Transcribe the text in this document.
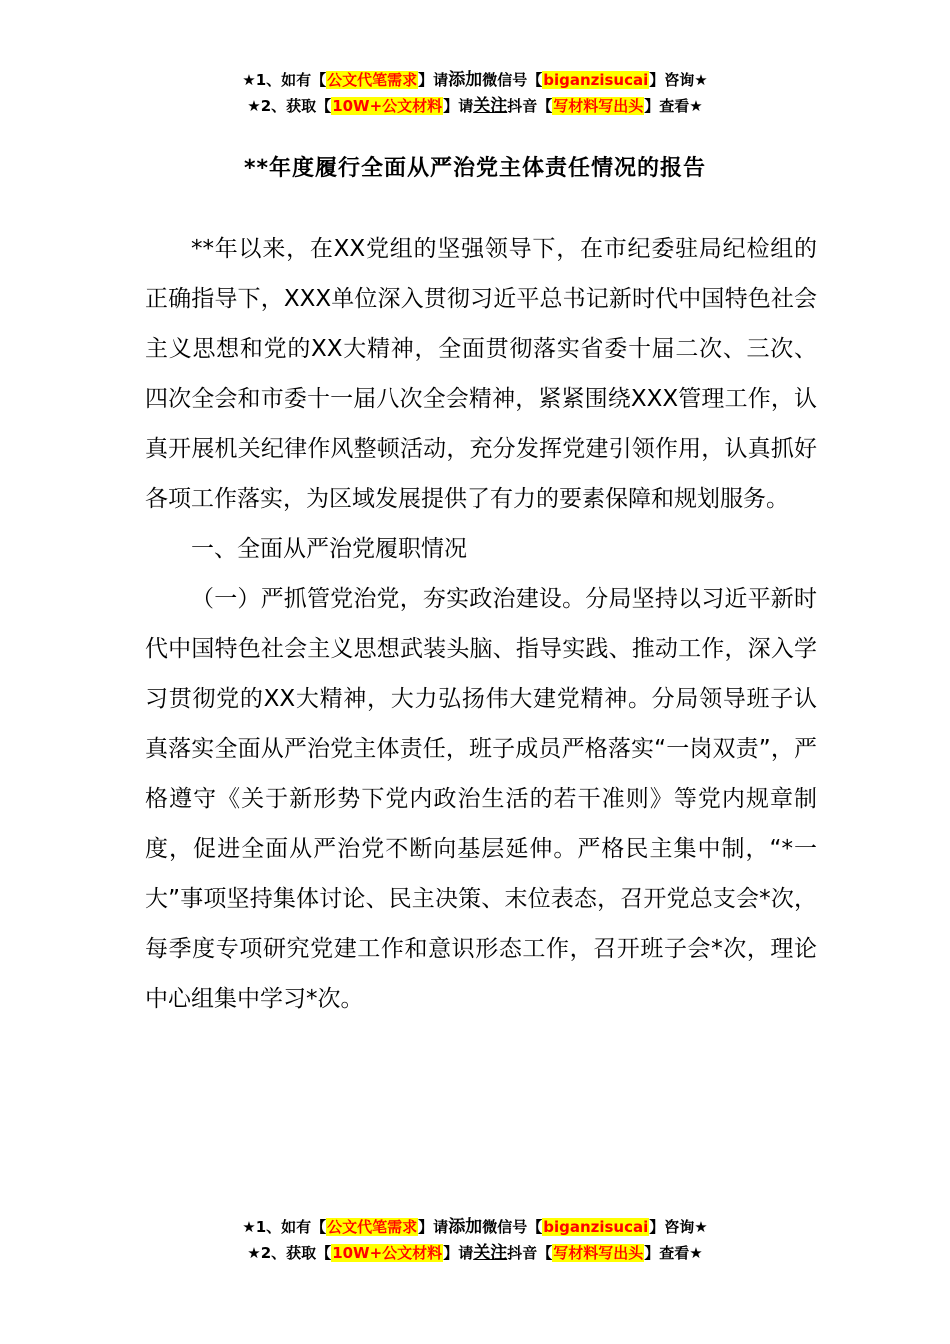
★1、如有【公文代笔需求】请添加微信号【biganzisucai】咨询★
★2、获取【10W+公文材料】请关注抖音【写材料写出头】查看★
**年度履行全面从严治党主体责任情况的报告

**年以来，在XX党组的坚强领导下，在市纪委驻局纪检组的正确指导下，XXX单位深入贯彻习近平总书记新时代中国特色社会主义思想和党的XX大精神，全面贯彻落实省委十届二次、三次、四次全会和市委十一届八次全会精神，紧紧围绕XXX管理工作，认真开展机关纪律作风整顿活动，充分发挥党建引领作用，认真抓好各项工作落实，为区域发展提供了有力的要素保障和规划服务。

一、全面从严治党履职情况

（一）严抓管党治党，夯实政治建设。分局坚持以习近平新时代中国特色社会主义思想武装头脑、指导实践、推动工作，深入学习贯彻党的XX大精神，大力弘扬伟大建党精神。分局领导班子认真落实全面从严治党主体责任，班子成员严格落实“一岗双责”，严格遵守《关于新形势下党内政治生活的若干准则》等党内规章制度，促进全面从严治党不断向基层延伸。严格民主集中制，“*一大”事项坚持集体讨论、民主决策、末位表态，召开党总支会*次，每季度专项研究党建工作和意识形态工作，召开班子会*次，理论中心组集中学习*次。

★1、如有【公文代笔需求】请添加微信号【biganzisucai】咨询★
★2、获取【10W+公文材料】请关注抖音【写材料写出头】查看★
